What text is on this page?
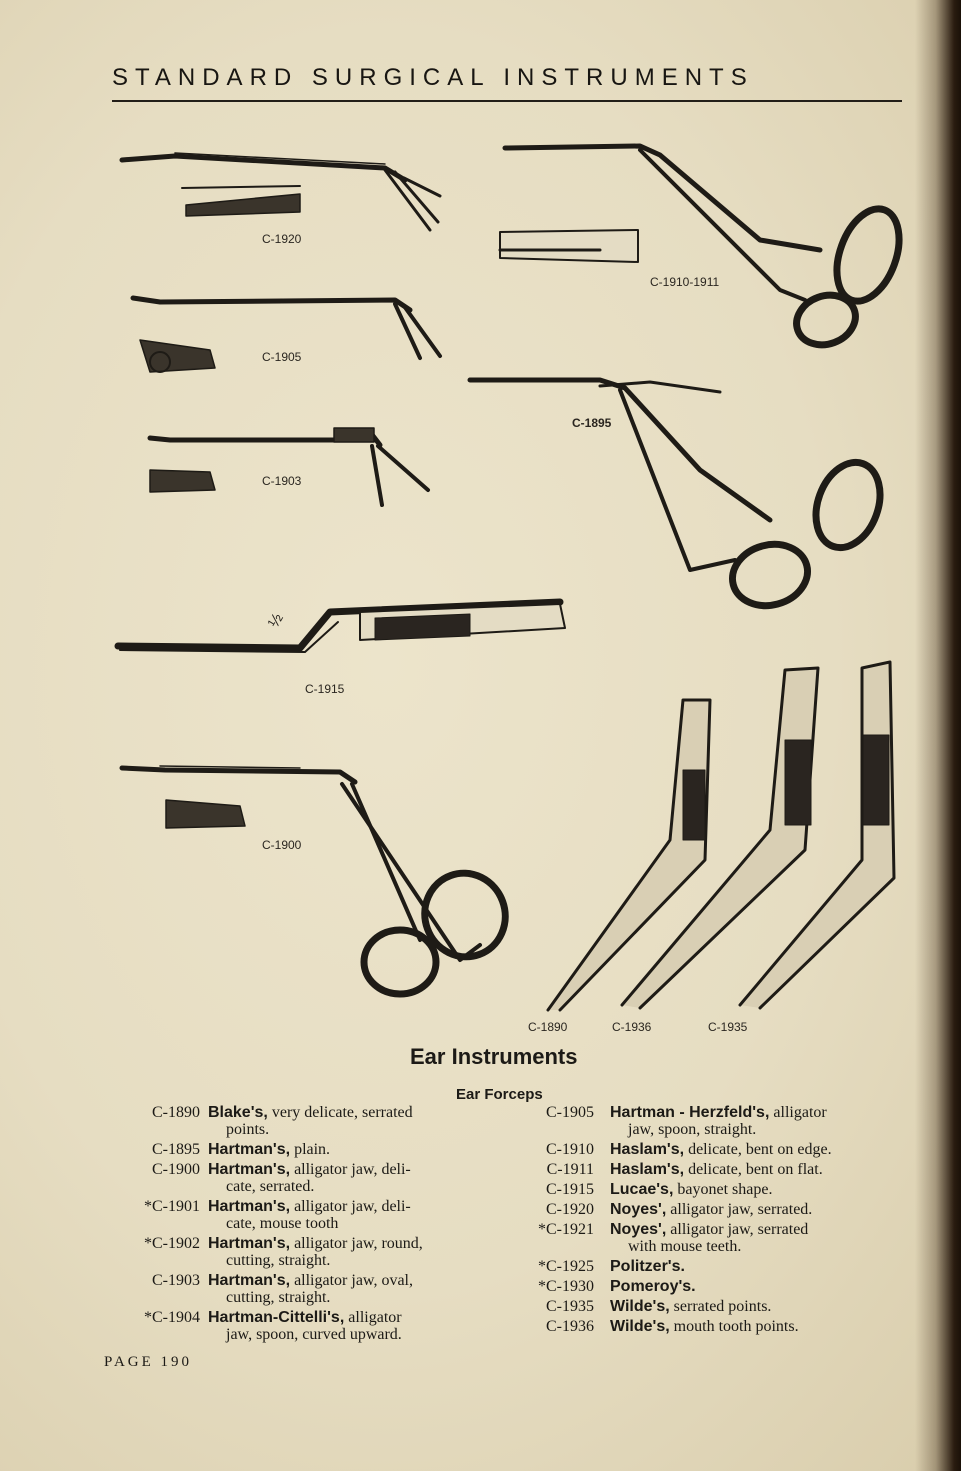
STANDARD SURGICAL INSTRUMENTS
C-1920
C-1910-1911
C-1905
C-1895
C-1903
½
C-1915
C-1900
C-1890	C-1936	C-1935
Ear Instruments
Ear Forceps
C-1890 Blake's, very delicate, serrated
points.
C-1895 Hartman's, plain.
C-1900 Hartman's, alligator jaw, deli-
cate, serrated.
*C-1901 Hartman's, alligator jaw, deli-
cate, mouse tooth
*C-1902 Hartman's, alligator jaw, round,
cutting, straight.
C-1903 Hartman's, alligator jaw, oval,
cutting, straight.
*C-1904 Hartman-Cittelli's, alligator
jaw, spoon, curved upward.
C-1905	Hartman - Herzfeld's, alligator
jaw, spoon, straight.
C-1910	Haslam's, delicate, bent on edge.
C-1911	Haslam's, delicate, bent on flat.
C-1915	Lucae's, bayonet shape.
C-1920	Noyes', alligator jaw, serrated.
*C-1921	Noyes', alligator jaw, serrated
with mouse teeth.
*C-1925	Politzer's.
*C-1930	Pomeroy's.
C-1935	Wilde's, serrated points.
C-1936	Wilde's, mouth tooth points.
PAGE 190
